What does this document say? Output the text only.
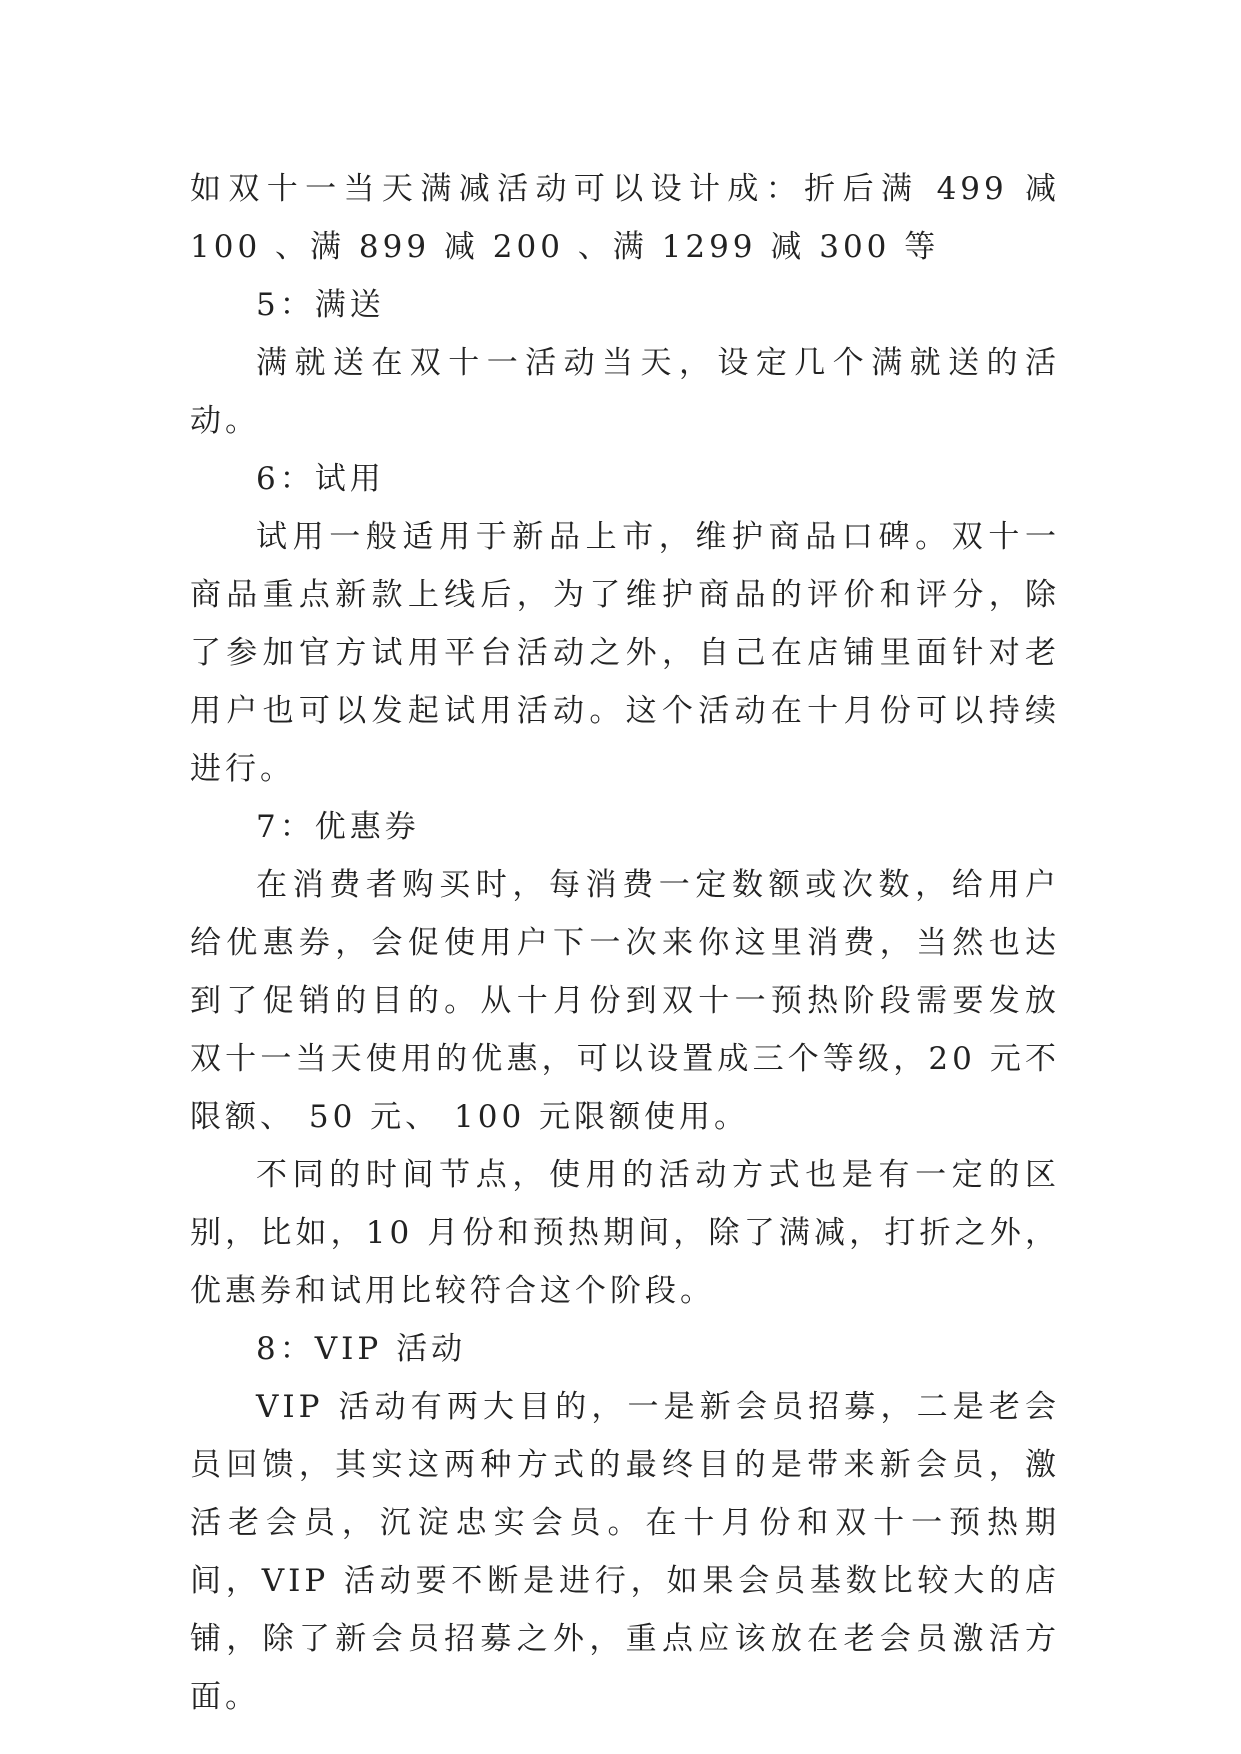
如双十一当天满减活动可以设计成：折后满 499 减 100 、满 899 减 200 、满 1299 减 300 等

5：满送

满就送在双十一活动当天，设定几个满就送的活动。

6：试用

试用一般适用于新品上市，维护商品口碑。双十一商品重点新款上线后，为了维护商品的评价和评分，除了参加官方试用平台活动之外，自己在店铺里面针对老用户也可以发起试用活动。这个活动在十月份可以持续进行。

7：优惠券

在消费者购买时，每消费一定数额或次数，给用户给优惠券，会促使用户下一次来你这里消费，当然也达到了促销的目的。从十月份到双十一预热阶段需要发放双十一当天使用的优惠，可以设置成三个等级，20 元不限额、 50 元、 100 元限额使用。

不同的时间节点，使用的活动方式也是有一定的区别，比如，10 月份和预热期间，除了满减，打折之外，优惠券和试用比较符合这个阶段。

8：VIP 活动

VIP 活动有两大目的，一是新会员招募，二是老会员回馈，其实这两种方式的最终目的是带来新会员，激活老会员，沉淀忠实会员。在十月份和双十一预热期间，VIP 活动要不断是进行，如果会员基数比较大的店铺，除了新会员招募之外，重点应该放在老会员激活方面。
